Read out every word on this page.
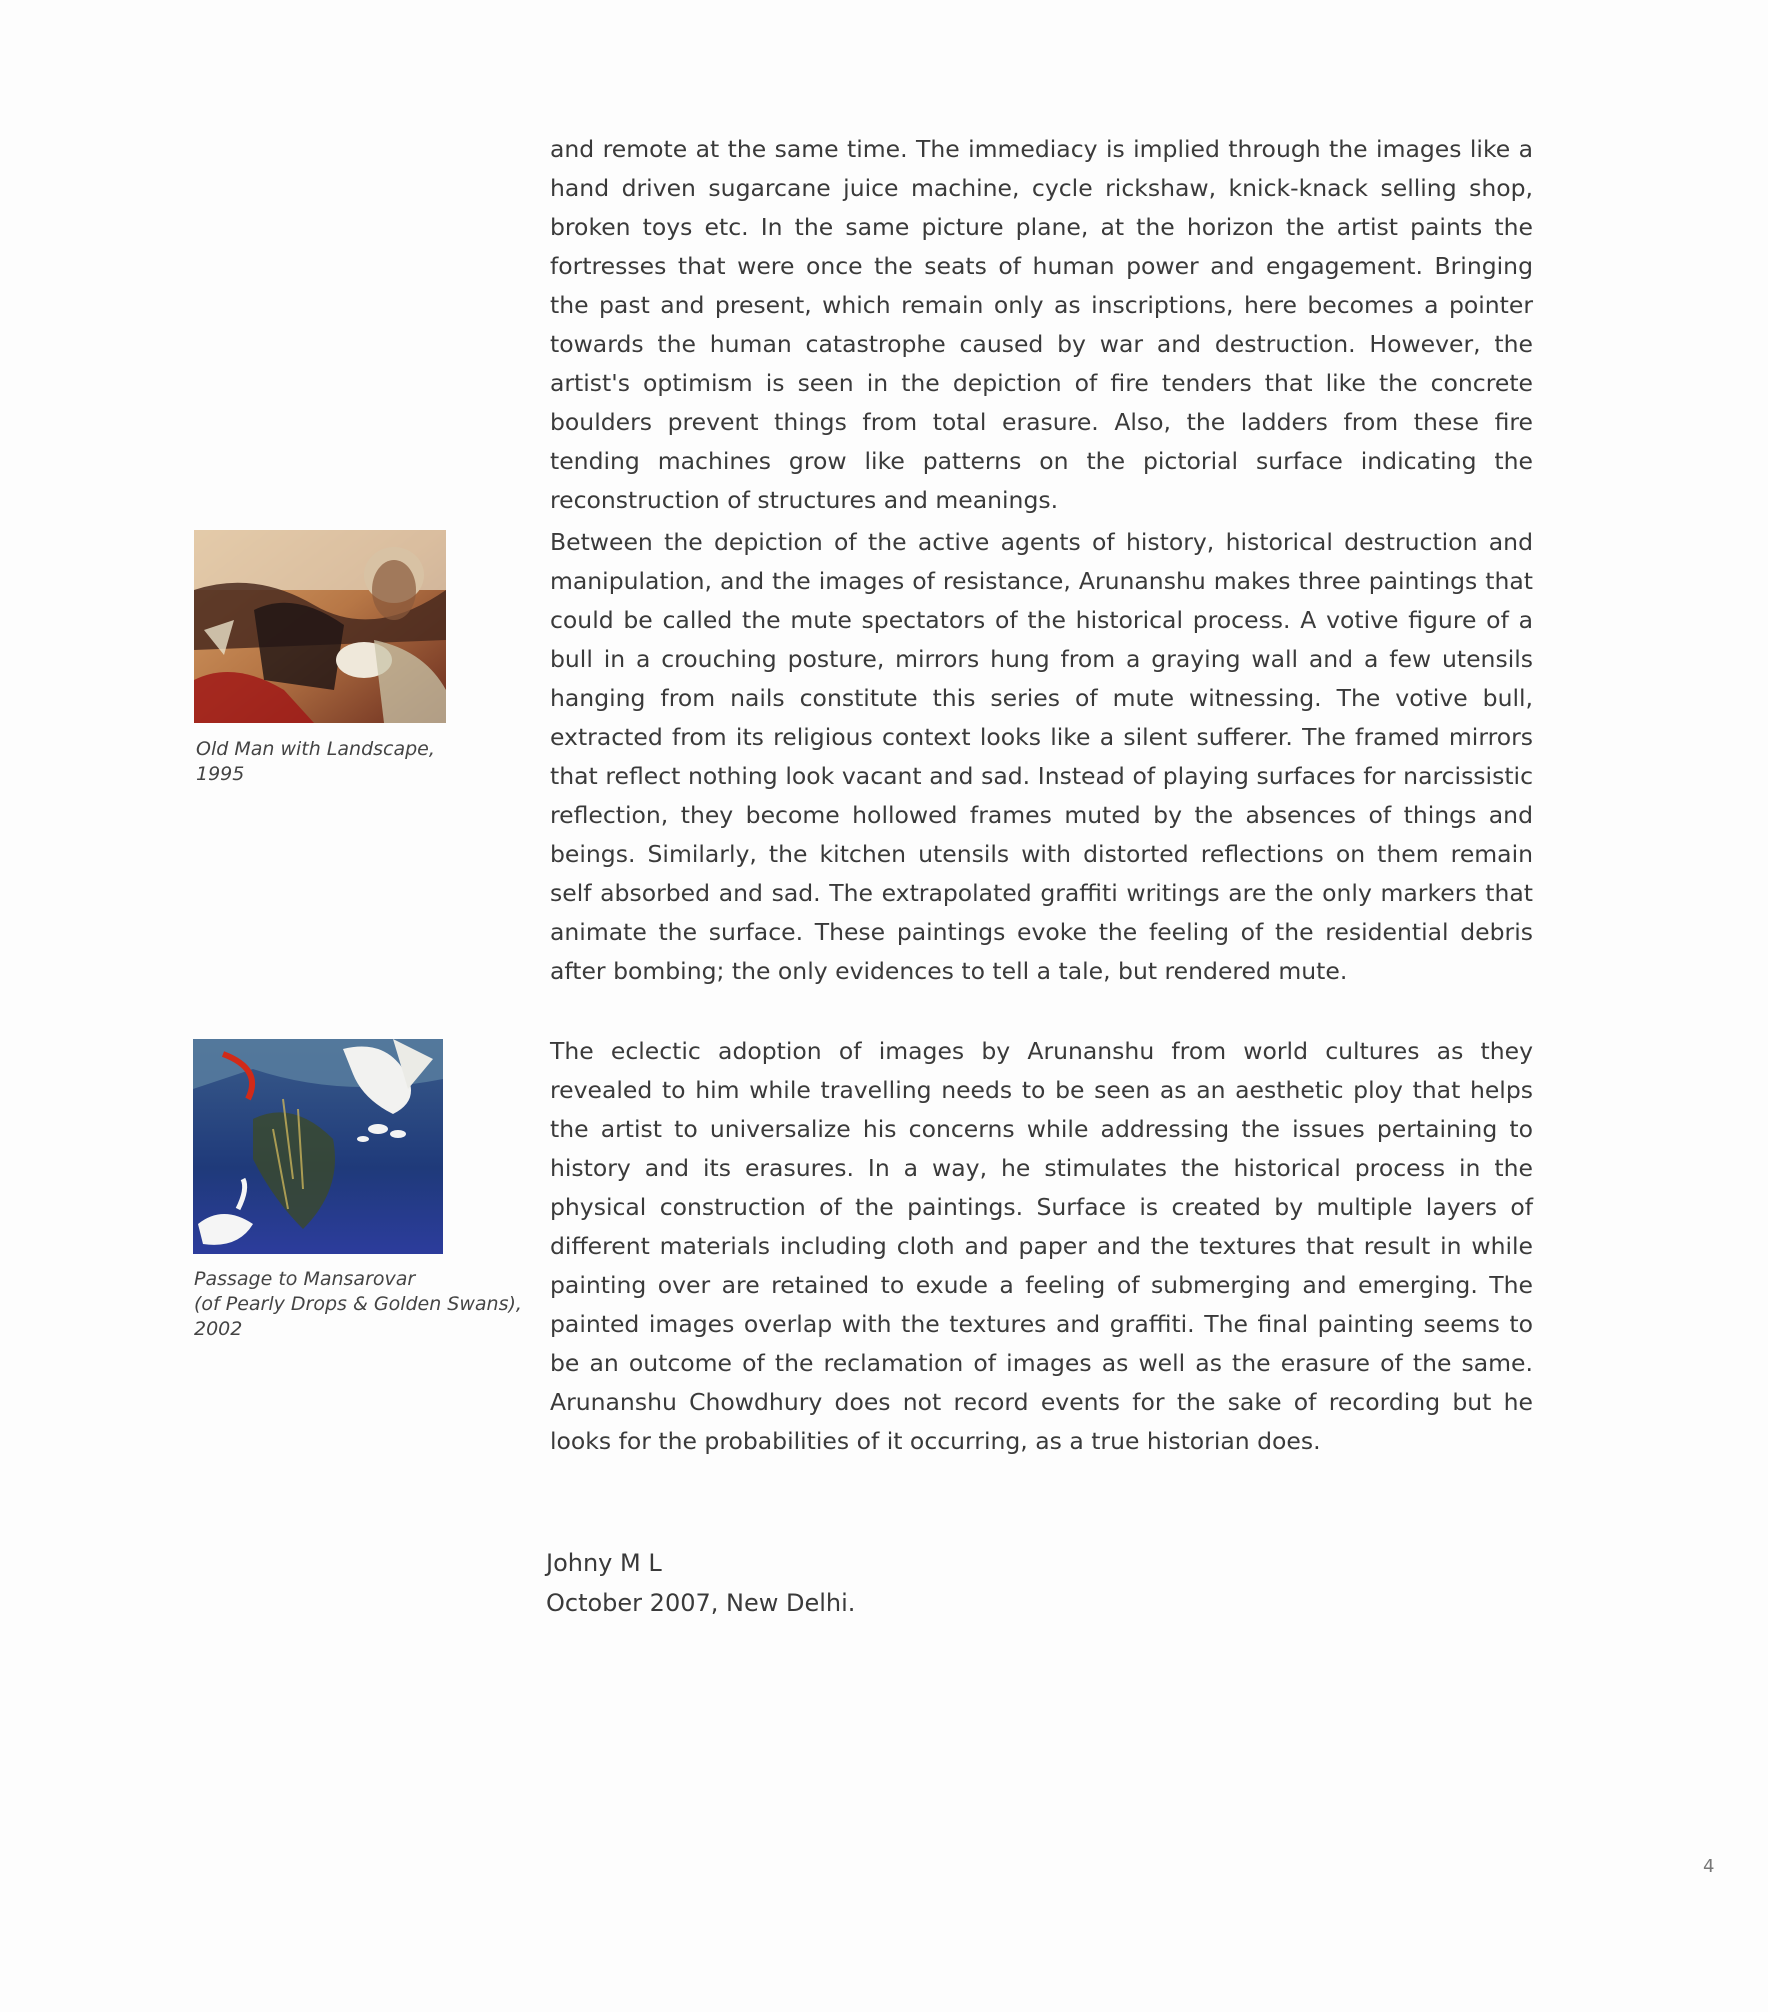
and remote at the same time. The immediacy is implied through the images like a hand driven sugarcane juice machine, cycle rickshaw, knick-knack selling shop, broken toys etc. In the same picture plane, at the horizon the artist paints the fortresses that were once the seats of human power and engagement. Bringing the past and present, which remain only as inscriptions, here becomes a pointer towards the human catastrophe caused by war and destruction. However, the artist's optimism is seen in the depiction of fire tenders that like the concrete boulders prevent things from total erasure. Also, the ladders from these fire tending machines grow like patterns on the pictorial surface indicating the reconstruction of structures and meanings.

Between the depiction of the active agents of history, historical destruction and manipulation, and the images of resistance, Arunanshu makes three paintings that could be called the mute spectators of the historical process. A votive figure of a bull in a crouching posture, mirrors hung from a graying wall and a few utensils hanging from nails constitute this series of mute witnessing. The votive bull, extracted from its religious context looks like a silent sufferer. The framed mirrors that reflect nothing look vacant and sad. Instead of playing surfaces for narcissistic reflection, they become hollowed frames muted by the absences of things and beings. Similarly, the kitchen utensils with distorted reflections on them remain self absorbed and sad. The extrapolated graffiti writings are the only markers that animate the surface. These paintings evoke the feeling of the residential debris after bombing; the only evidences to tell a tale, but rendered mute.

The eclectic adoption of images by Arunanshu from world cultures as they revealed to him while travelling needs to be seen as an aesthetic ploy that helps the artist to universalize his concerns while addressing the issues pertaining to history and its erasures. In a way, he stimulates the historical process in the physical construction of the paintings. Surface is created by multiple layers of different materials including cloth and paper and the textures that result in while painting over are retained to exude a feeling of submerging and emerging. The painted images overlap with the textures and graffiti. The final painting seems to be an outcome of the reclamation of images as well as the erasure of the same. Arunanshu Chowdhury does not record events for the sake of recording but he looks for the probabilities of it occurring, as a true historian does.

Johny M L
October 2007, New Delhi.
Old Man with Landscape,
1995
Passage to Mansarovar
(of Pearly Drops & Golden Swans),
2002
4
